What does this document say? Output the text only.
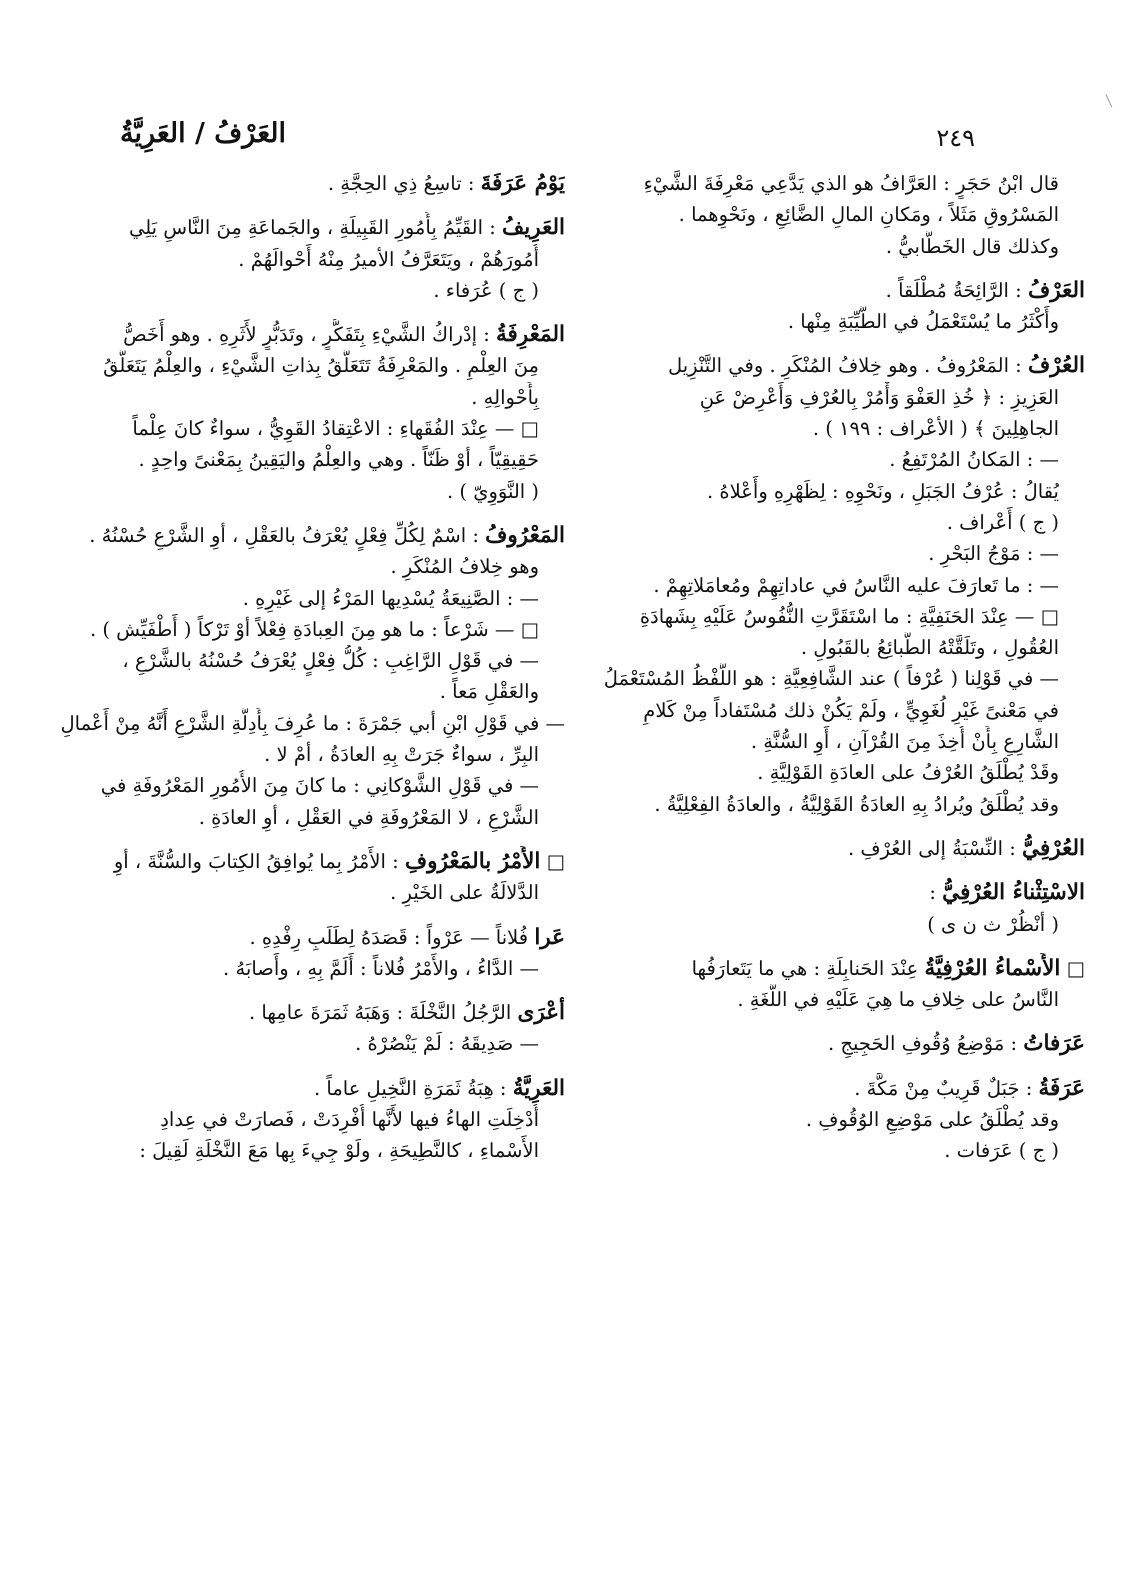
٢٤٩
العَرْفُ / العَرِيَّةُ
قال ابْنُ حَجَرٍ : العَرَّافُ هو الذي يَدَّعِي مَعْرِفَةَ الشَّيْءِ
المَسْرُوقِ مَثَلاً ، ومَكانِ المالِ الضَّائِعِ ، ونَحْوِهما .
وكذلك قال الخَطَّابيُّ .
العَرْفُ : الرَّائِحَةُ مُطْلَقاً .
وأَكْثَرُ ما يُسْتَعْمَلُ في الطَّيِّبَةِ مِنْها .
العُرْفُ : المَعْرُوفُ . وهو خِلافُ المُنْكَرِ . وفي التَّنْزِيل
العَزِيزِ : ﴿ خُذِ العَفْوَ وَأْمُرْ بِالعُرْفِ وَأَعْرِضْ عَنِ
الجاهِلِينَ ﴾ ( الأعْراف : ١٩٩ ) .
— : المَكانُ المُرْتَفِعُ .
يُقالُ : عُرْفُ الجَبَلِ ، ونَحْوِهِ : لِظَهْرِهِ وأَعْلاهُ .
( ج ) أَعْراف .
— : مَوْجُ البَحْرِ .
— : ما تَعارَفَ عليه النَّاسُ في عاداتِهِمْ ومُعامَلاتِهِمْ .
□ — عِنْدَ الحَنَفِيَّةِ : ما اسْتَقَرَّتِ النُّفُوسُ عَلَيْهِ بِشَهادَةِ
العُقُولِ ، وتَلَقَّتْهُ الطَّبائِعُ بالقَبُولِ .
— في قَوْلِنا ( عُرْفاً ) عند الشَّافِعِيَّةِ : هو اللَّفْظُ المُسْتَعْمَلُ
في مَعْنىً غَيْرِ لُغَوِيٍّ ، ولَمْ يَكُنْ ذلك مُسْتَفاداً مِنْ كَلامِ
الشَّارِعِ بِأَنْ أُخِذَ مِنَ القُرْآنِ ، أَوِ السُّنَّةِ .
وقَدْ يُطْلَقُ العُرْفُ على العادَةِ القَوْلِيَّةِ .
وقد يُطْلَقُ ويُرادُ بِهِ العادَةُ القَوْلِيَّةُ ، والعادَةُ الفِعْلِيَّةُ .
العُرْفِيُّ : النِّسْبَةُ إلى العُرْفِ .
الاسْتِثْناءُ العُرْفِيُّ :
( أنْظُرْ ث ن ى )
□ الأَسْماءُ العُرْفِيَّةُ عِنْدَ الحَنابِلَةِ : هي ما يَتَعارَفُها
النَّاسُ على خِلافِ ما هِيَ عَلَيْهِ في اللُّغَةِ .
عَرَفاتُ : مَوْضِعُ وُقُوفِ الحَجِيجِ .
عَرَفَةُ : جَبَلٌ قَرِيبٌ مِنْ مَكَّةَ .
وقد يُطْلَقُ على مَوْضِعِ الوُقُوفِ .
( ج ) عَرَفات .
يَوْمُ عَرَفَةَ : تاسِعُ ذِي الحِجَّةِ .
العَرِيفُ : القَيِّمُ بِأُمُورِ القَبِيلَةِ ، والجَماعَةِ مِنَ النَّاسِ يَلِي
أُمُورَهُمْ ، ويَتَعَرَّفُ الأميرُ مِنْهُ أَحْوالَهُمْ .
( ج ) عُرَفاء .
المَعْرِفَةُ : إدْراكُ الشَّيْءِ بِتَفَكُّرٍ ، وتَدَبُّرٍ لأَثَرِهِ . وهو أَخَصُّ
مِنَ العِلْمِ . والمَعْرِفَةُ تَتَعَلَّقُ بِذاتِ الشَّيْءِ ، والعِلْمُ يَتَعَلَّقُ
بِأَحْوالِهِ .
□ — عِنْدَ الفُقَهاءِ : الاعْتِقادُ القَوِيُّ ، سواءٌ كانَ عِلْماً
حَقِيقِيّاً ، أوْ ظَنّاً . وهي والعِلْمُ واليَقِينُ بِمَعْنىً واحِدٍ .
( النَّوَوِيّ ) .
المَعْرُوفُ : اسْمٌ لِكُلِّ فِعْلٍ يُعْرَفُ بالعَقْلِ ، أوِ الشَّرْعِ حُسْنُهُ .
وهو خِلافُ المُنْكَرِ .
— : الصَّنِيعَةُ يُسْدِيها المَرْءُ إلى غَيْرِهِ .
□ — شَرْعاً : ما هو مِنَ العِبادَةِ فِعْلاً أوْ تَرْكاً ( أَطْفَيِّش ) .
— في قَوْلِ الرَّاغِبِ : كُلُّ فِعْلٍ يُعْرَفُ حُسْنُهُ بالشَّرْعِ ،
والعَقْلِ مَعاً .
— في قَوْلِ ابْنِ أبي جَمْرَةَ : ما عُرِفَ بِأَدِلَّةِ الشَّرْعِ أَنَّهُ مِنْ أَعْمالِ
البِرِّ ، سواءٌ جَرَتْ بِهِ العادَةُ ، أمْ لا .
— في قَوْلِ الشَّوْكانِي : ما كانَ مِنَ الأُمُورِ المَعْرُوفَةِ في
الشَّرْعِ ، لا المَعْرُوفَةِ في العَقْلِ ، أوِ العادَةِ .
□ الأَمْرُ بالمَعْرُوفِ : الأَمْرُ بِما يُوافِقُ الكِتابَ والسُّنَّةَ ، أوِ
الدَّلالَةُ على الخَيْرِ .
عَرا فُلاناً — عَرْواً : قَصَدَهُ لِطَلَبِ رِفْدِهِ .
— الدَّاءُ ، والأَمْرُ فُلاناً : أَلَمَّ بِهِ ، وأَصابَهُ .
أَعْرَى الرَّجُلُ النَّخْلَةَ : وَهَبَهُ ثَمَرَةَ عامِها .
— صَدِيقَهُ : لَمْ يَنْصُرْهُ .
العَرِيَّةُ : هِبَةُ ثَمَرَةِ النَّخِيلِ عاماً .
أُدْخِلَتِ الهاءُ فيها لأَنَّها أُفْرِدَتْ ، فَصارَتْ في عِدادِ
الأَسْماءِ ، كالنَّطِيحَةِ ، ولَوْ جِيءَ بِها مَعَ النَّخْلَةِ لَقِيلَ :
